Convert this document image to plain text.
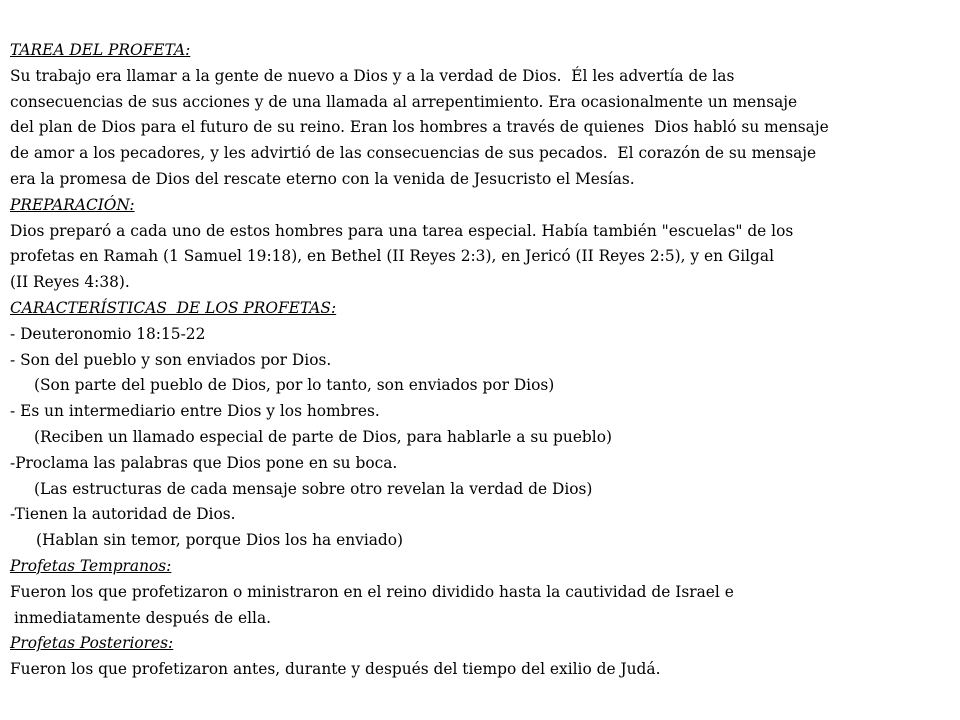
TAREA DEL PROFETA:
Su trabajo era llamar a la gente de nuevo a Dios y a la verdad de Dios.  Él les advertía de las
consecuencias de sus acciones y de una llamada al arrepentimiento. Era ocasionalmente un mensaje
del plan de Dios para el futuro de su reino. Eran los hombres a través de quienes  Dios habló su mensaje
de amor a los pecadores, y les advirtió de las consecuencias de sus pecados.  El corazón de su mensaje
era la promesa de Dios del rescate eterno con la venida de Jesucristo el Mesías.
PREPARACIÓN:
Dios preparó a cada uno de estos hombres para una tarea especial. Había también "escuelas" de los
profetas en Ramah (1 Samuel 19:18), en Bethel (II Reyes 2:3), en Jericó (II Reyes 2:5), y en Gilgal
(II Reyes 4:38).
CARACTERÍSTICAS  DE LOS PROFETAS:
- Deuteronomio 18:15-22
- Son del pueblo y son enviados por Dios.
(Son parte del pueblo de Dios, por lo tanto, son enviados por Dios)
- Es un intermediario entre Dios y los hombres.
(Reciben un llamado especial de parte de Dios, para hablarle a su pueblo)
-Proclama las palabras que Dios pone en su boca.
(Las estructuras de cada mensaje sobre otro revelan la verdad de Dios)
-Tienen la autoridad de Dios.
(Hablan sin temor, porque Dios los ha enviado)
Profetas Tempranos:
Fueron los que profetizaron o ministraron en el reino dividido hasta la cautividad de Israel e
inmediatamente después de ella.
Profetas Posteriores:
Fueron los que profetizaron antes, durante y después del tiempo del exilio de Judá.
